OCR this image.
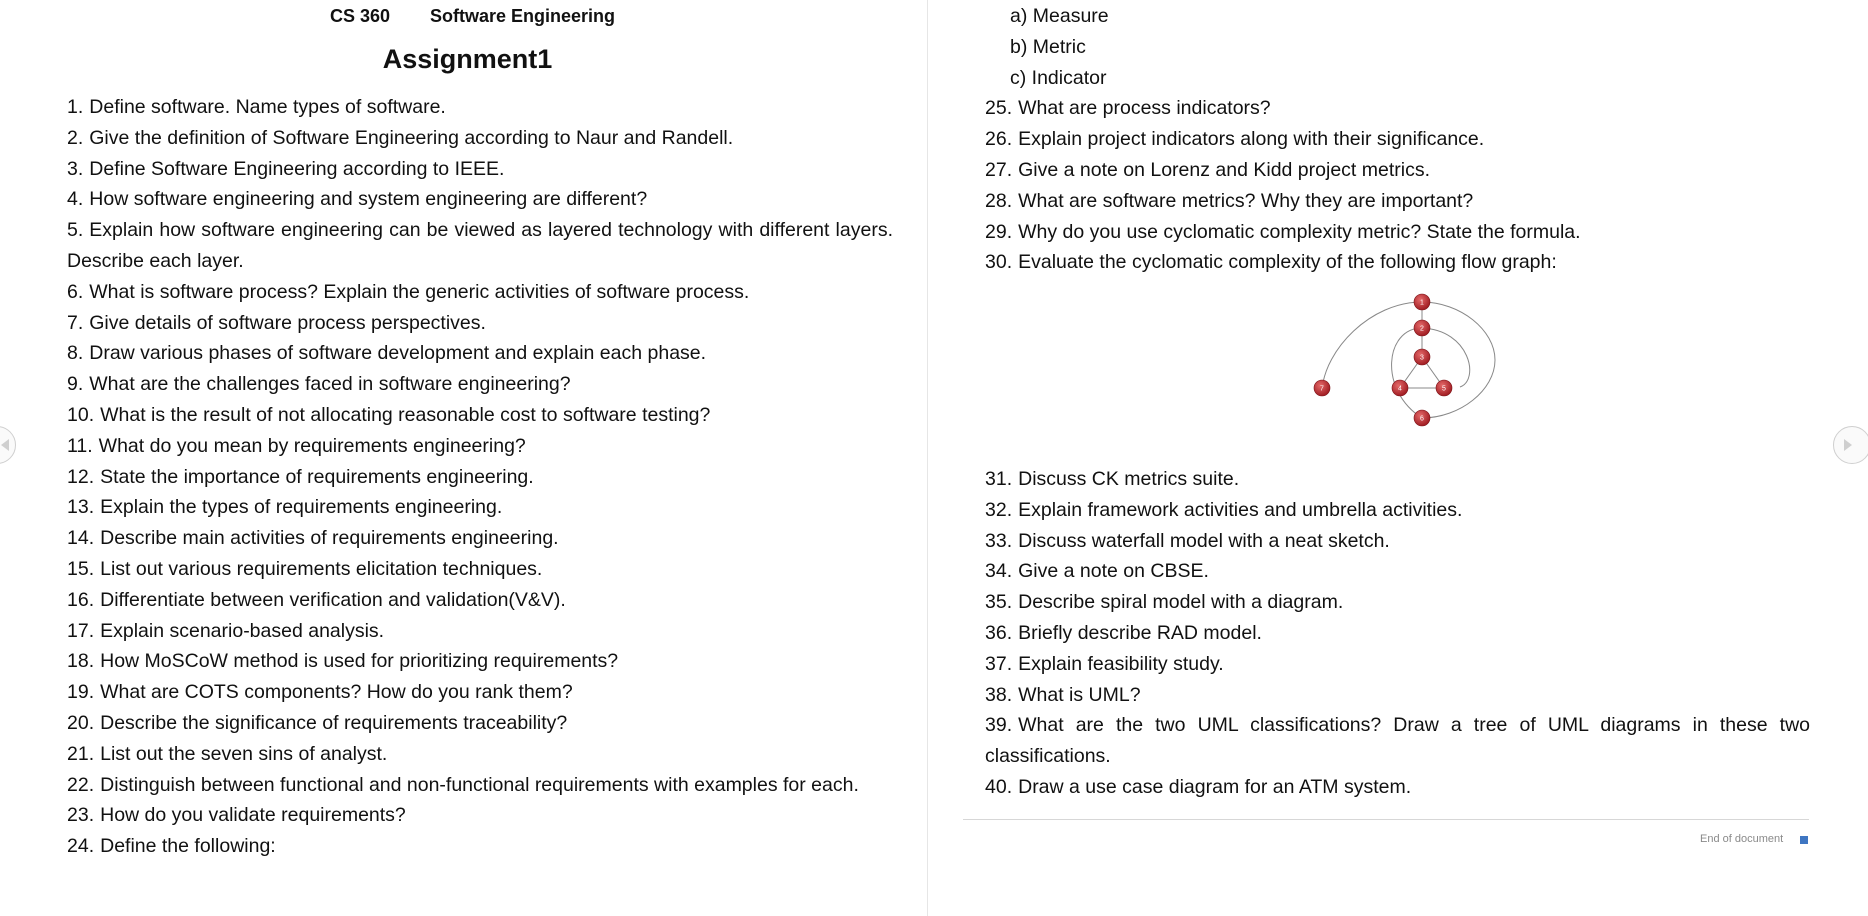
CS 360 Software Engineering
Assignment1
1. Define software. Name types of software.
2. Give the definition of Software Engineering according to Naur and Randell.
3. Define Software Engineering according to IEEE.
4. How software engineering and system engineering are different?
5. Explain how software engineering can be viewed as layered technology with different layers. Describe each layer.
6. What is software process? Explain the generic activities of software process.
7. Give details of software process perspectives.
8. Draw various phases of software development and explain each phase.
9. What are the challenges faced in software engineering?
10. What is the result of not allocating reasonable cost to software testing?
11. What do you mean by requirements engineering?
12. State the importance of requirements engineering.
13. Explain the types of requirements engineering.
14. Describe main activities of requirements engineering.
15. List out various requirements elicitation techniques.
16. Differentiate between verification and validation(V&V).
17. Explain scenario-based analysis.
18. How MoSCoW method is used for prioritizing requirements?
19. What are COTS components? How do you rank them?
20. Describe the significance of requirements traceability?
21. List out the seven sins of analyst.
22. Distinguish between functional and non-functional requirements with examples for each.
23. How do you validate requirements?
24. Define the following:
a) Measure
b) Metric
c) Indicator
25. What are process indicators?
26. Explain project indicators along with their significance.
27. Give a note on Lorenz and Kidd project metrics.
28. What are software metrics? Why they are important?
29. Why do you use cyclomatic complexity metric? State the formula.
30. Evaluate the cyclomatic complexity of the following flow graph:
1
2
3
4	5
6
7
31. Discuss CK metrics suite.
32. Explain framework activities and umbrella activities.
33. Discuss waterfall model with a neat sketch.
34. Give a note on CBSE.
35. Describe spiral model with a diagram.
36. Briefly describe RAD model.
37. Explain feasibility study.
38. What is UML?
39. What are the two UML classifications? Draw a tree of UML diagrams in these two classifications.
40. Draw a use case diagram for an ATM system.
End of document
